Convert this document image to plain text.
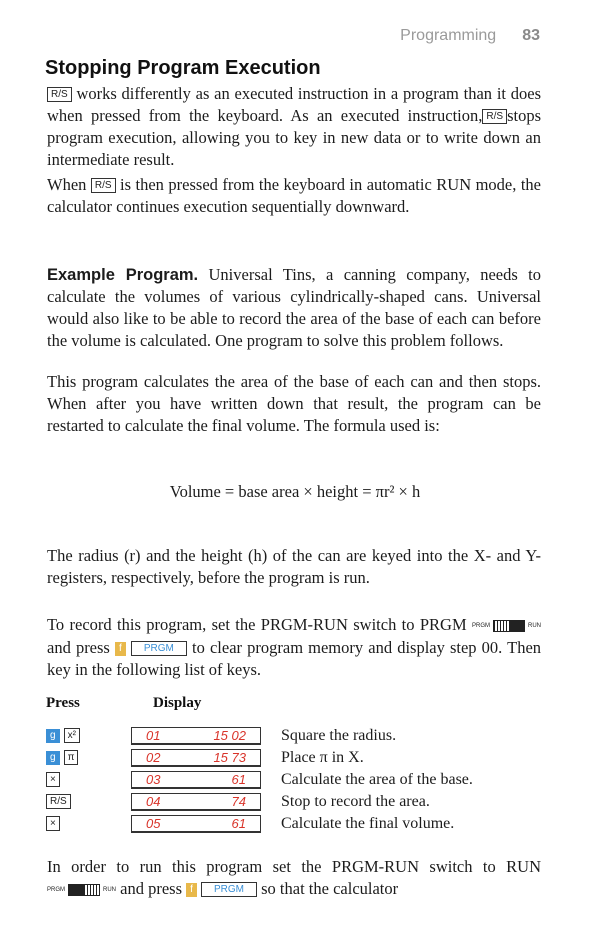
Programming 83
Stopping Program Execution

R/S works differently as an executed instruction in a program than it does when pressed from the keyboard. As an executed instruction, R/S stops program execution, allowing you to key in new data or to write down an intermediate result.

When R/S is then pressed from the keyboard in automatic RUN mode, the calculator continues execution sequentially downward.

Example Program. Universal Tins, a canning company, needs to calculate the volumes of various cylindrically-shaped cans. Universal would also like to be able to record the area of the base of each can before the volume is calculated. One program to solve this problem follows.

This program calculates the area of the base of each can and then stops. When after you have written down that result, the program can be restarted to calculate the final volume. The formula used is:

Volume = base area × height = πr² × h

The radius (r) and the height (h) of the can are keyed into the X- and Y-registers, respectively, before the program is run.

To record this program, set the PRGM-RUN switch to PRGM PRGM	RUN
and press f PRGM to clear program memory and display step 00. Then key in the following list of keys.

Press	Display
g	x²	01	15 02 Square the radius.
g	π	02	15 73 Place π in X.
×	03	61 Calculate the area of the base.
R/S	04	74 Stop to record the area.
×	05	61 Calculate the final volume.

In order to run this program set the PRGM-RUN switch to RUN
PRGM	RUN and press f PRGM so that the calculator
